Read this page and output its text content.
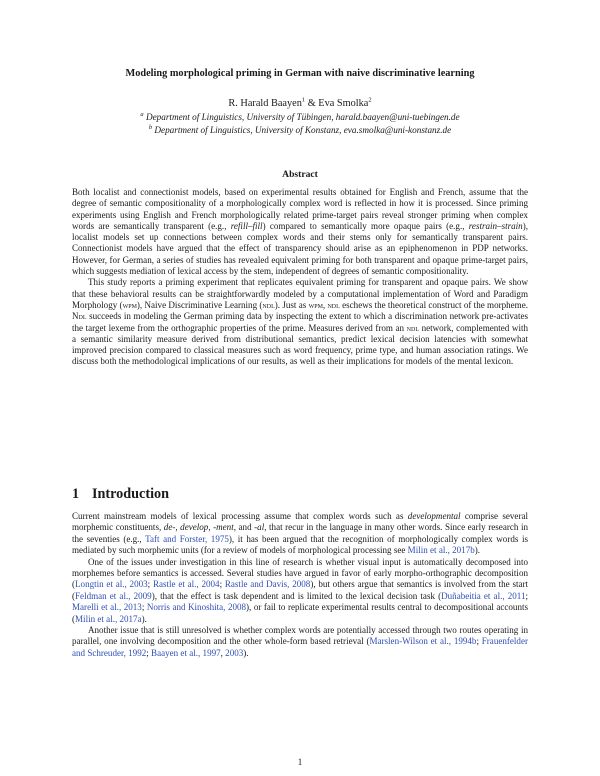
Modeling morphological priming in German with naive discriminative learning
R. Harald Baayen$^1$ & Eva Smolka$^2$
$^a$ Department of Linguistics, University of Tübingen, harald.baayen@uni-tuebingen.de
$^b$ Department of Linguistics, University of Konstanz, eva.smolka@uni-konstanz.de
Abstract

Both localist and connectionist models, based on experimental results obtained for English and French, assume that the degree of semantic compositionality of a morphologically complex word is reflected in how it is processed. Since priming experiments using English and French morphologically related prime-target pairs reveal stronger priming when complex words are semantically transparent (e.g., refill–fill) compared to semantically more opaque pairs (e.g., restrain–strain), localist models set up connections between complex words and their stems only for semantically transparent pairs. Connectionist models have argued that the effect of transparency should arise as an epiphenomenon in PDP networks. However, for German, a series of studies has revealed equivalent priming for both transparent and opaque prime-target pairs, which suggests mediation of lexical access by the stem, independent of degrees of semantic compositionality.

This study reports a priming experiment that replicates equivalent priming for transparent and opaque pairs. We show that these behavioral results can be straightforwardly modeled by a computational implementation of Word and Paradigm Morphology (wpm), Naive Discriminative Learning (ndl). Just as wpm, ndl eschews the theoretical construct of the morpheme. Ndl succeeds in modeling the German priming data by inspecting the extent to which a discrimination network pre-activates the target lexeme from the orthographic properties of the prime. Measures derived from an ndl network, complemented with a semantic similarity measure derived from distributional semantics, predict lexical decision latencies with somewhat improved precision compared to classical measures such as word frequency, prime type, and human association ratings. We discuss both the methodological implications of our results, as well as their implications for models of the mental lexicon.

1 Introduction

Current mainstream models of lexical processing assume that complex words such as developmental comprise several morphemic constituents, de-, develop, -ment, and -al, that recur in the language in many other words. Since early research in the seventies (e.g., Taft and Forster, 1975), it has been argued that the recognition of morphologically complex words is mediated by such morphemic units (for a review of models of morphological processing see Milin et al., 2017b).

One of the issues under investigation in this line of research is whether visual input is automatically decomposed into morphemes before semantics is accessed. Several studies have argued in favor of early morpho-orthographic decomposition (Longtin et al., 2003; Rastle et al., 2004; Rastle and Davis, 2008), but others argue that semantics is involved from the start (Feldman et al., 2009), that the effect is task dependent and is limited to the lexical decision task (Duñabeitia et al., 2011; Marelli et al., 2013; Norris and Kinoshita, 2008), or fail to replicate experimental results central to decompositional accounts (Milin et al., 2017a).

Another issue that is still unresolved is whether complex words are potentially accessed through two routes operating in parallel, one involving decomposition and the other whole-form based retrieval (Marslen-Wilson et al., 1994b; Frauenfelder and Schreuder, 1992; Baayen et al., 1997, 2003).

1
